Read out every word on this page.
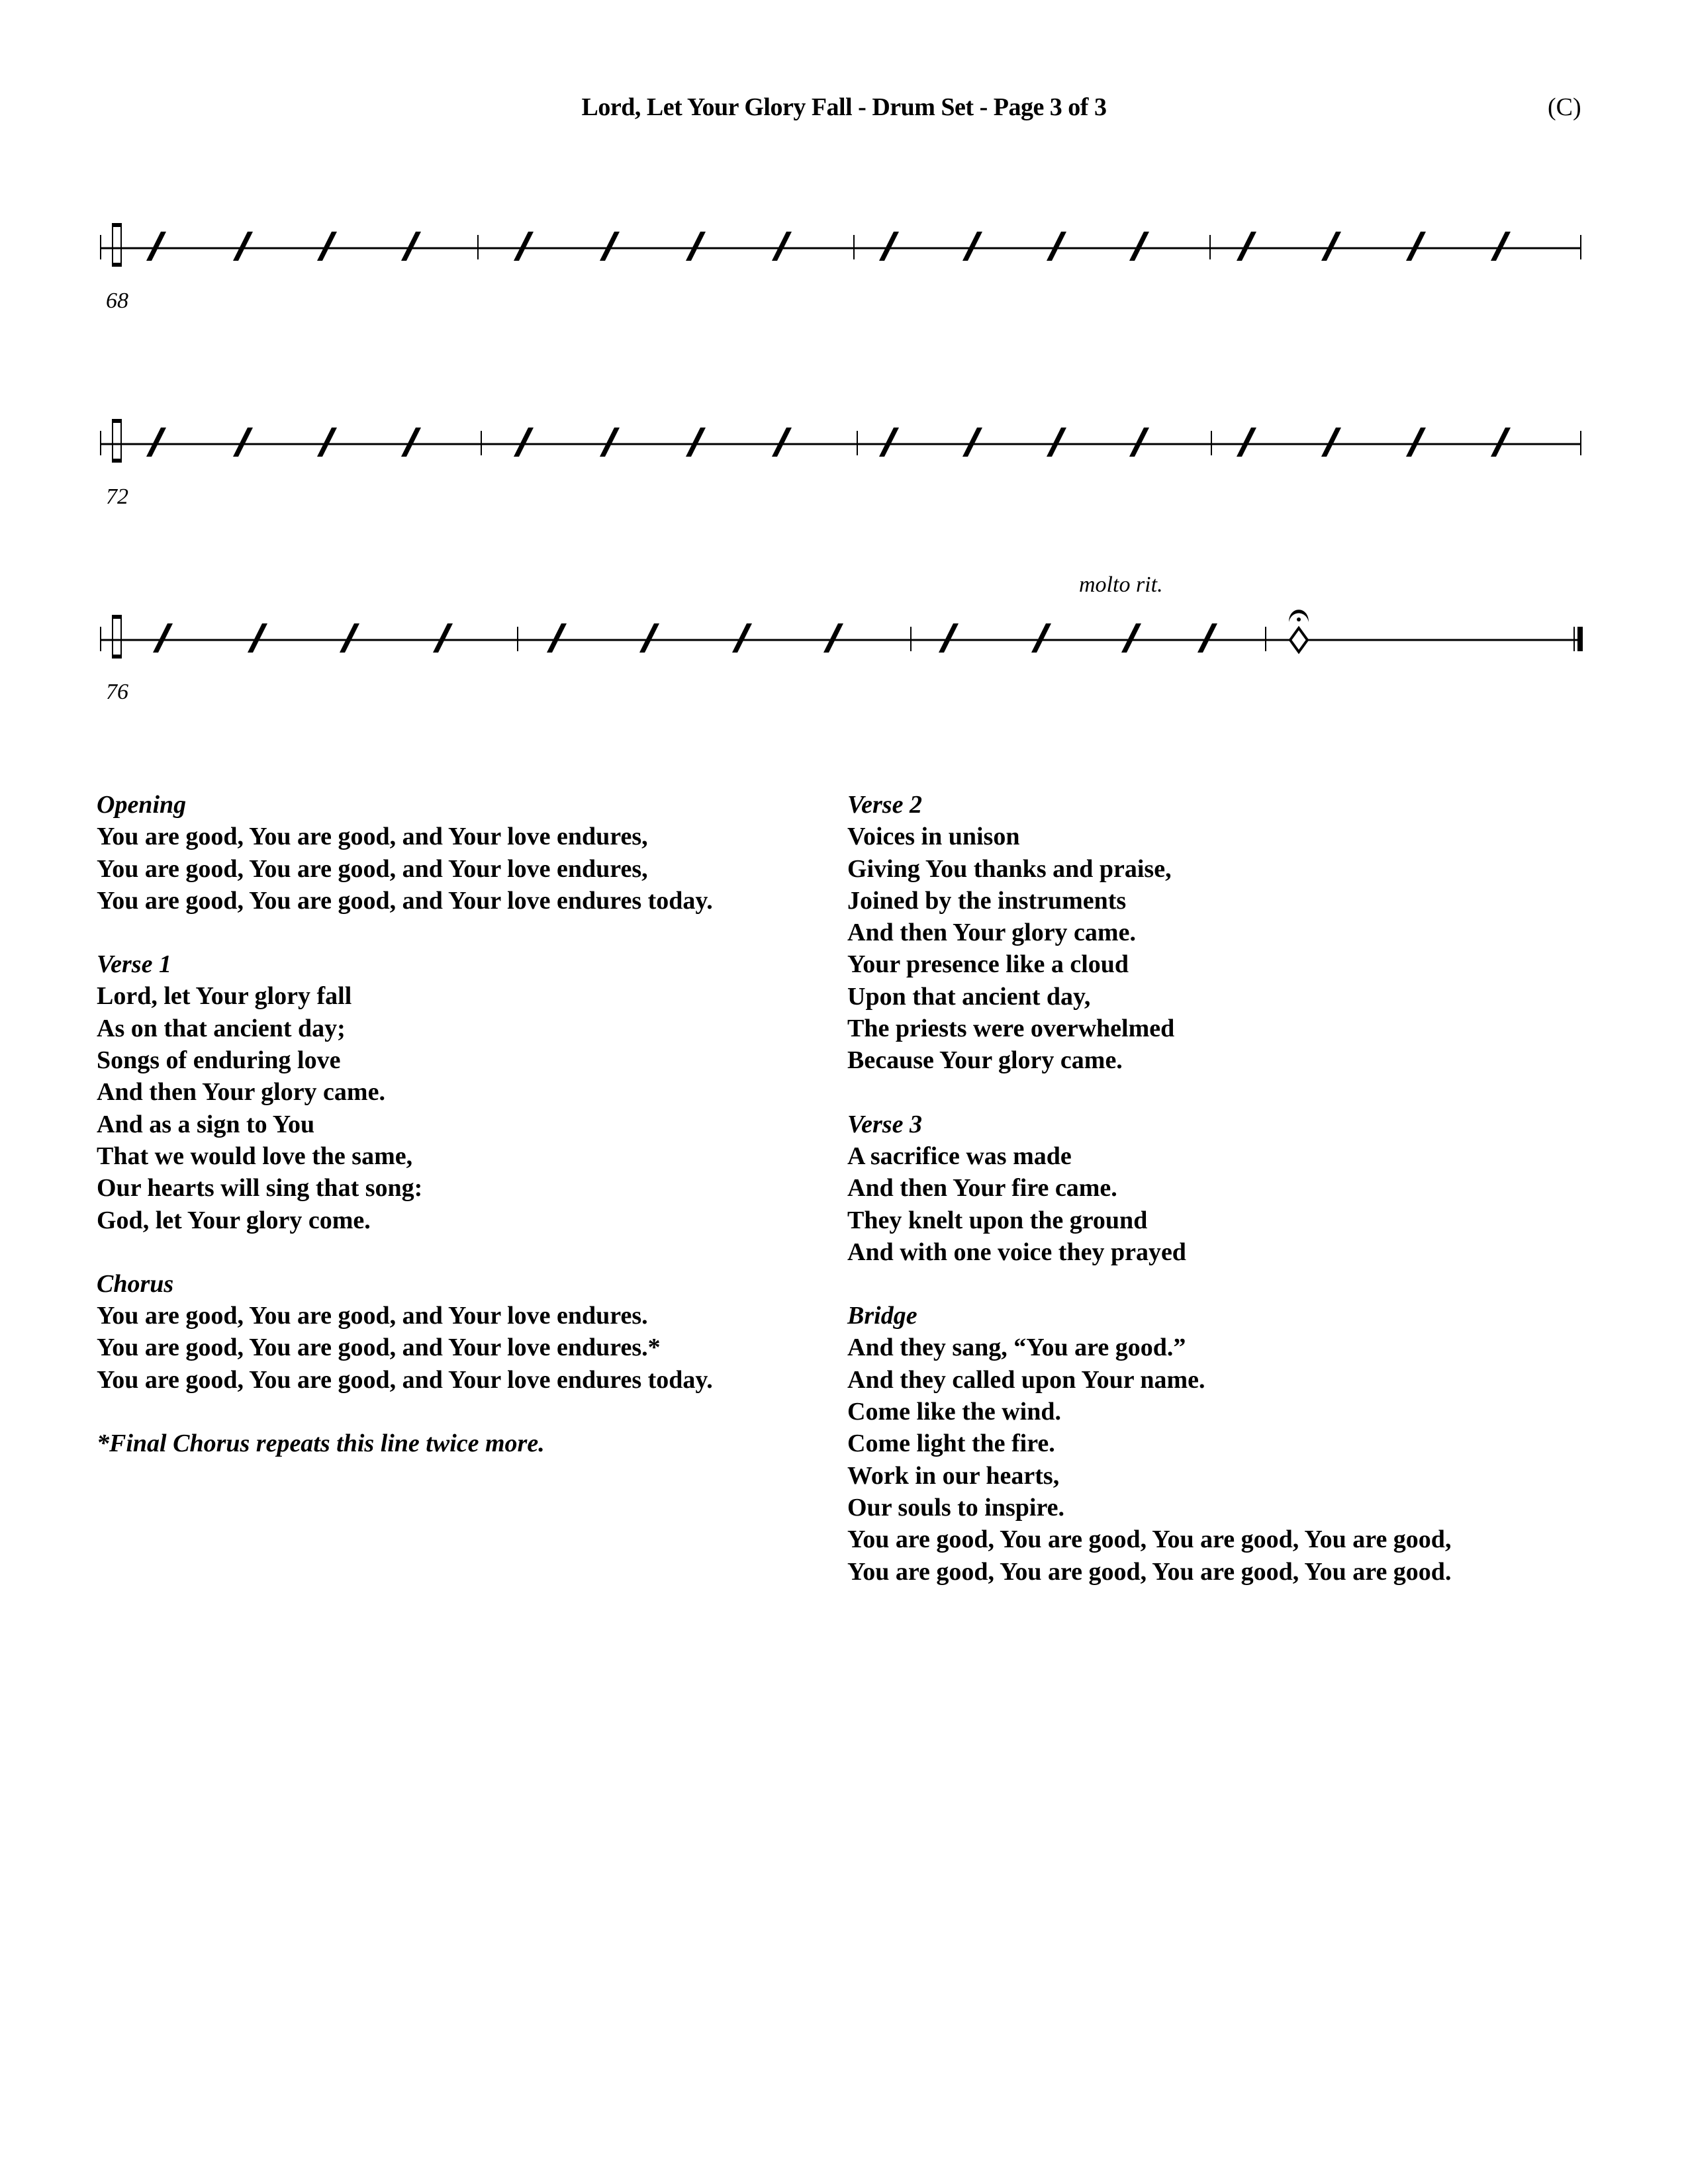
Lord, Let Your Glory Fall - Drum Set - Page 3 of 3	(C)
68
72
76
molto rit.
Opening
You are good, You are good, and Your love endures,
You are good, You are good, and Your love endures,
You are good, You are good, and Your love endures today.
Verse 1
Lord, let Your glory fall
As on that ancient day;
Songs of enduring love
And then Your glory came.
And as a sign to You
That we would love the same,
Our hearts will sing that song:
God, let Your glory come.
Chorus
You are good, You are good, and Your love endures.
You are good, You are good, and Your love endures.*
You are good, You are good, and Your love endures today.
*Final Chorus repeats this line twice more.
Verse 2
Voices in unison
Giving You thanks and praise,
Joined by the instruments
And then Your glory came.
Your presence like a cloud
Upon that ancient day,
The priests were overwhelmed
Because Your glory came.
Verse 3
A sacrifice was made
And then Your fire came.
They knelt upon the ground
And with one voice they prayed
Bridge
And they sang, “You are good.”
And they called upon Your name.
Come like the wind.
Come light the fire.
Work in our hearts,
Our souls to inspire.
You are good, You are good, You are good, You are good,
You are good, You are good, You are good, You are good.
